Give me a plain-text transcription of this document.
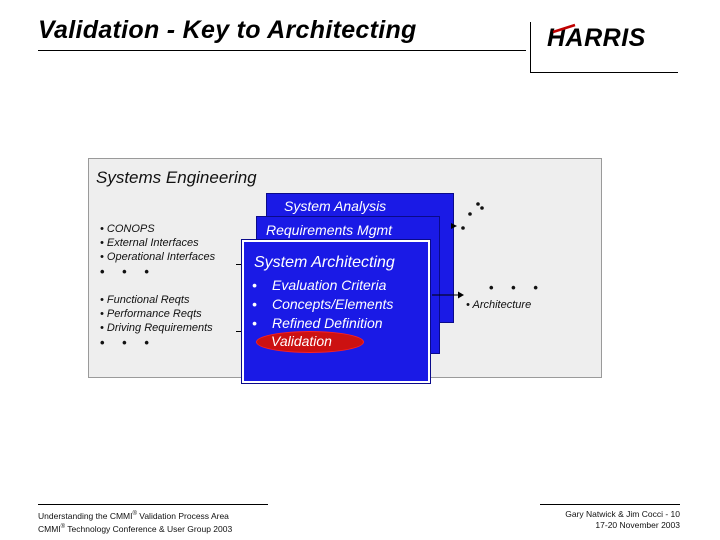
Validation - Key to Architecting	HARRIS
Systems Engineering
• CONOPS
• External Interfaces
• Operational Interfaces
• • •
• Functional Reqts
• Performance Reqts
• Driving Requirements
• • •
System Analysis
Requirements Mgmt
System Architecting
• Evaluation Criteria
• Concepts/Elements
• Refined Definition
Validation
• • •
• Architecture
Understanding the CMMI® Validation Process Area
CMMI® Technology Conference & User Group 2003
Gary Natwick & Jim Cocci - 10
17-20 November 2003
